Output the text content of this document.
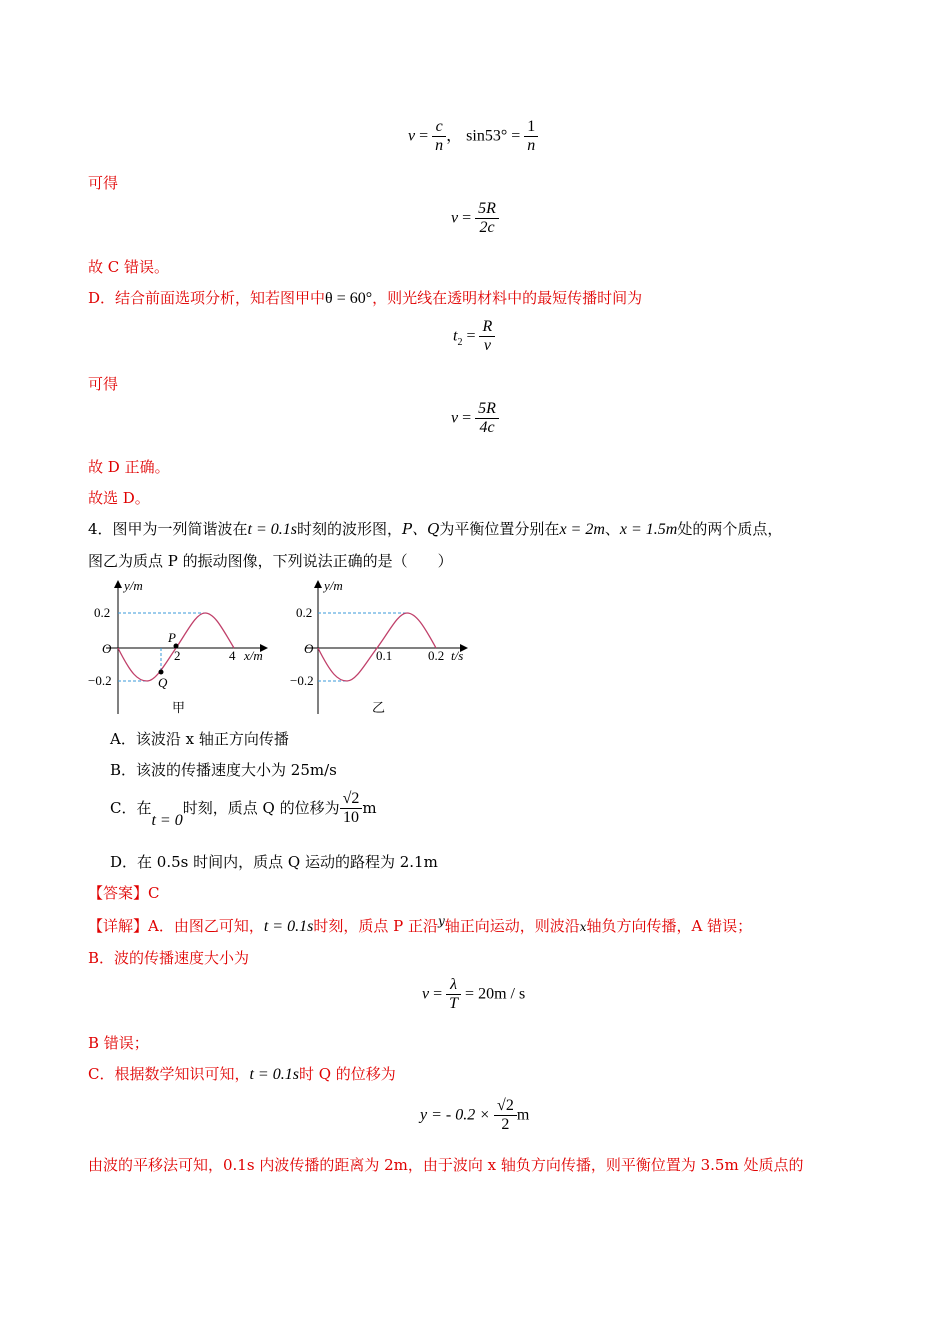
$v = \frac{c}{n}$ ， $\sin 53^\circ = \frac{1}{n}$
可得
$v = \frac{5R}{2c}$
故 C 错误。
D．结合前面选项分析，知若图甲中θ = 60°，则光线在透明材料中的最短传播时间为
$t_2 = \frac{R}{v}$
可得
$v = \frac{5R}{4c}$
故 D 正确。
故选 D。
4．图甲为一列简谐波在t = 0.1s时刻的波形图，P、Q为平衡位置分别在x = 2m、x = 1.5m处的两个质点，
图乙为质点 P 的振动图像，下列说法正确的是（　　）
y/m
0.2
−0.2
O	2	4 x/m
P
Q
甲
y/m
0.2
−0.2
O	0.1	0.2 t/s
乙
A．该波沿 x 轴正方向传播
B．该波的传播速度大小为 25m/s
C．在t = 0时刻，质点 Q 的位移为 $\frac{√2}{10}$ m
D．在 0.5s 时间内，质点 Q 运动的路程为 2.1m
【答案】C
【详解】A．由图乙可知，t = 0.1s时刻，质点 P 正沿$^y$轴正向运动，则波沿x轴负方向传播，A 错误；
B．波的传播速度大小为
$v = \frac{\lambda}{T} = 20m / s$
B 错误；
C．根据数学知识可知，t = 0.1s时 Q 的位移为
y = - $0.2 \times \frac{√2}{2}$ m
由波的平移法可知，0.1s 内波传播的距离为 2m，由于波向 x 轴负方向传播，则平衡位置为 3.5m 处质点的
